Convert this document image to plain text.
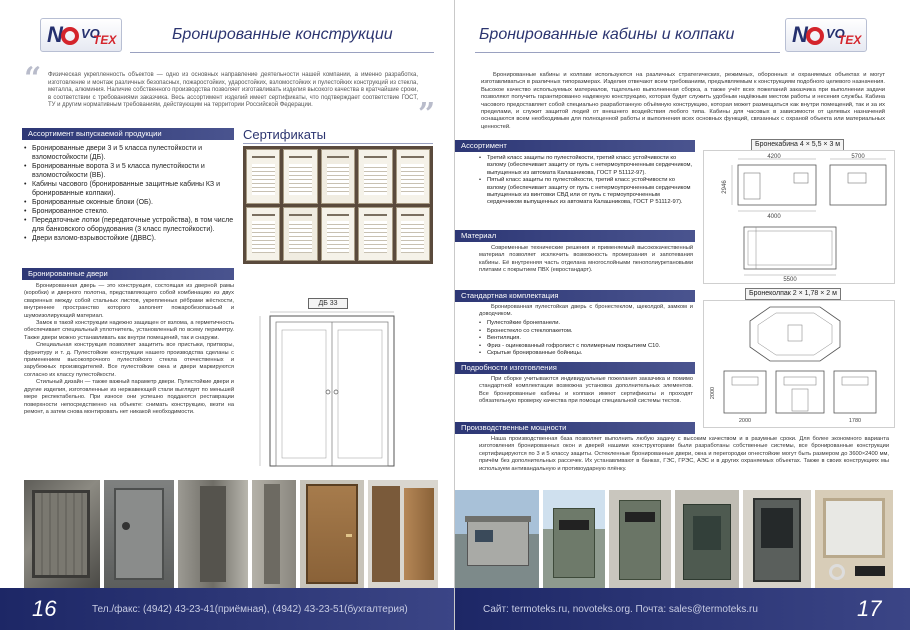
N VO
TEX	Бронированные конструкции
“ Физическая укрепленность объектов — одно из основных направление деятельности нашей компании, а именно разработка, изготовление и монтаж различных безопасных, пожаростойких, ударостойких, взломостойких и пулестойких конструкций из стекла, металла, алюминия. Наличие собственного производства позволяет изготавливать изделия высокого качества в кратчайшие сроки, в соответствии с требованиями заказчика. Весь ассортимент изделий имеет сертификаты, что подтверждает соответствие ГОСТ, ТУ и другим нормативным требованиям, действующим на территории Российской Федерации.	”
Ассортимент выпускаемой продукции
• Бронированные двери 3 и 5 класса пулестойкости и взломостойкости (ДБ).
• Бронированные ворота 3 и 5 класса пулестойкости и взломостойкости (ВБ).
• Кабины часового (бронированные защитные кабины КЗ и бронированные колпаки).
• Бронированные оконные блоки (ОБ).
• Бронированное стекло.
• Передаточные лотки (передаточные устройства), в том числе для банковского оборудования (3 класс пулестойкости).
• Двери взломо-взрывостойкие (ДВВС).
Сертификаты
Бронированные двери

Бронированная дверь — это конструкция, состоящая из дверной рамы (коробки) и дверного полотна, представляющего собой комбинацию из двух сваренных между собой стальных листов, укрепленных рёбрами жёсткости, внутреннее пространство которого заполнят пожаробезопасный и шумоизолирующий материал.

Замок в такой конструкции надежно защищен от взлома, а герметичность обеспечивает специальный уплотнитель, установленный по всему периметру. Также двери можно устанавливать как внутри помещений, так и снаружи.

Специальная конструкция позволяет защитить все пристыки, притворы, фурнитуру и т. д. Пулестойкие конструкции нашего производства сделаны с применением высокопрочного пулестойкого стекла отечественных и зарубежных производителей. Все пулестойкие окна и двери маркируются согласно их классу пулестойкости.

Стильный дизайн — также важный параметр двери. Пулестойкие двери и другие изделия, изготовленные из нержавеющей стали выглядят по меньшей мере респектабельно. При износе они успешно поддаются реставрации поверхности непосредственно на объекте: снимать конструкцию, везти на ремонт, а затем снова монтировать нет никакой необходимости.

ДБ 33
16	Тел./факс: (4942) 43-23-41(приёмная), (4942) 43-23-51(бухгалтерия)
Бронированные кабины и колпаки	N VO
TEX

Бронированные кабины и колпаки используются на различных стратегических, режимных, оборонных и охраняемых объектах и могут изготавливаться в различных типоразмерах. Изделия отвечают всем требованиям, предъявляемым к конструкциям подобного целевого назначения. Высокое качество используемых материалов, тщательно выполненная сборка, а также учёт всех пожеланий заказчика при выполнении задачи позволяют получить гарантированно надежную конструкцию, которая будет служить удобным надёжным местом работы и несения службы. Кабина часового предоставляет собой специально разработанную объёмную конструкцию, которая может размещаться как внутри помещений, так и за их пределами, и служит защитой людей от внешнего воздействия любого типа. Кабины для часовых в зависимости от целевых назначений оснащаются всем необходимым для полноценной работы и выполнения всех основных функций, связанных с охраной объекта или материальных ценностей.

Ассортимент
• Третий класс защиты по пулестойкости, третий класс устойчивости ко взлому (обеспечивает защиту от пуль с нетермоупрочненным сердечником, выпущенных из автомата Калашникова, ГОСТ Р 51112-97).
• Пятый класс защиты по пулестойкости, третий класс устойчивости ко взлому (обеспечивает защиту от пуль с нетермоупрочненным сердечником выпущенных из винтовки СВД или от пуль с термоупрочненным сердечником выпущенных из автомата Калашникова, ГОСТ Р 51112-97).
Материал

Современные технические решения и применяемый высококачественный материал позволяет исключить возможность промерзания и запотевания кабины. Её внутренняя часть отделана многослойными пенополиуретановыми плитами с покрытием ПВХ (евростандарт).

Стандартная комплектация

Бронированная пулестойкая дверь с бронестеклом, щеколдой, замком и доводчиком.

• Пулестойкие бронепанели.
• Бронестекло со стеклопакетом.
• Вентиляция.
• Фриз - оцинкованный гофролист с полимерным покрытием С10.
• Скрытые бронированные бойницы.
Подробности изготовления

При сборке учитываются индивидуальные пожелания заказчика и помимо стандартной комплектации возможна установка дополнительных элементов. Все бронированные кабины и колпаки имеют сертификаты и проходят обязательную проверку качества при помощи специальной системы тестов.

Производственные мощности

Наша производственная база позволяет выполнить любую задачу с высоким качеством и в разумные сроки. Для более экономного варианта изготовления бронированных окон и дверей нашими конструкторами были разработаны собственные системы, все бронированные конструкции сертифицируются по 3 и 5 классу защиты. Остекленные бронированные двери, окна и перегородки огнестойкие могут быть размером до 3600×2400 мм, причём без дополнительных рассечек. Их устанавливают в банках, ГЭС, ГРЭС, АЭС и в других охраняемых объектах. Также в своих конструкциях мы используем антивандальную и противоударную плёнку.

Бронекабина 4 × 5,5 × 3 м
4200
4000
2946
5700
5500
Бронеколпак 2 × 1,78 × 2 м
2000
2000	1780
Сайт: termoteks.ru, novoteks.org. Почта: sales@termoteks.ru	17
